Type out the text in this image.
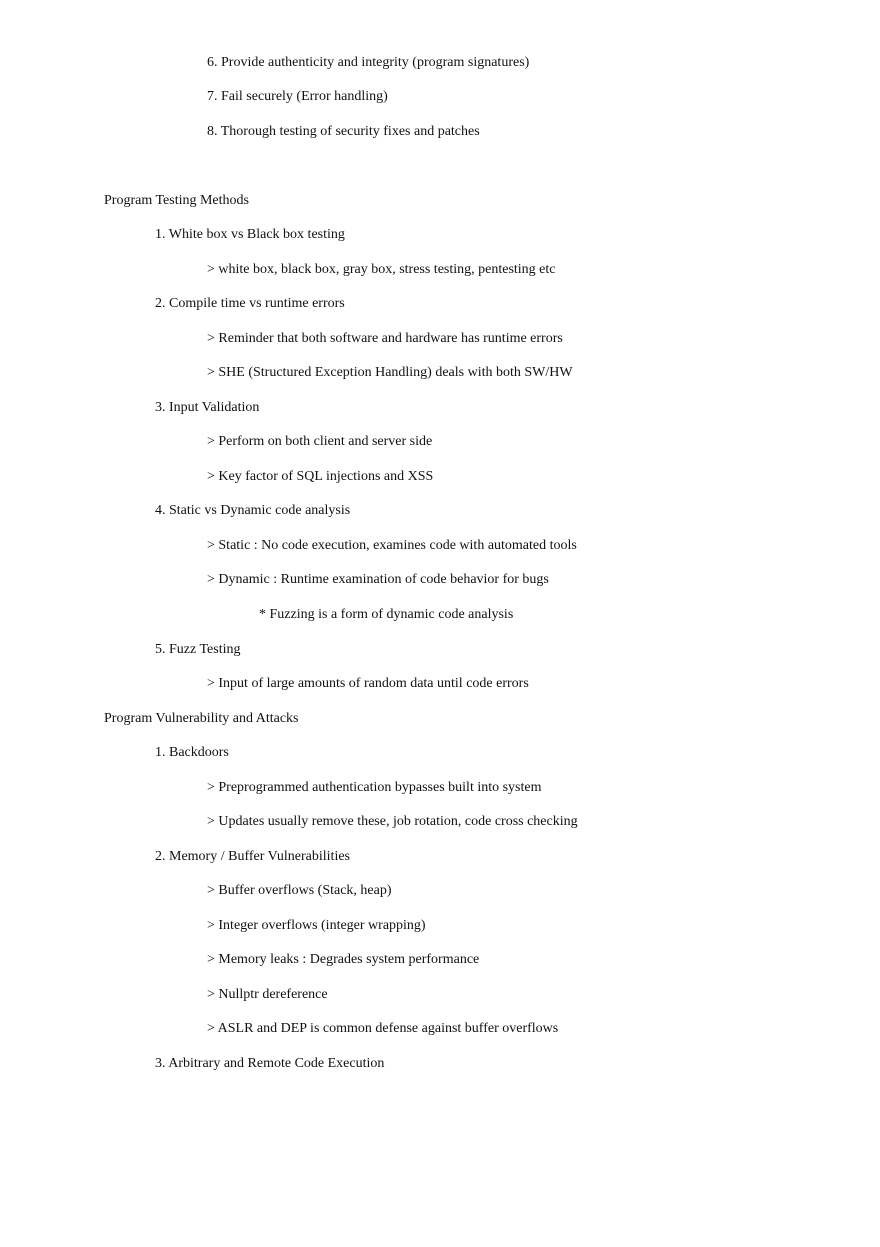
6. Provide authenticity and integrity (program signatures)
7. Fail securely (Error handling)
8. Thorough testing of security fixes and patches
Program Testing Methods
1. White box vs Black box testing
> white box, black box, gray box, stress testing, pentesting etc
2. Compile time vs runtime errors
> Reminder that both software and hardware has runtime errors
> SHE (Structured Exception Handling) deals with both SW/HW
3. Input Validation
> Perform on both client and server side
> Key factor of SQL injections and XSS
4. Static vs Dynamic code analysis
> Static : No code execution, examines code with automated tools
> Dynamic : Runtime examination of code behavior for bugs
* Fuzzing is a form of dynamic code analysis
5. Fuzz Testing
> Input of large amounts of random data until code errors
Program Vulnerability and Attacks
1. Backdoors
> Preprogrammed authentication bypasses built into system
> Updates usually remove these, job rotation, code cross checking
2. Memory / Buffer Vulnerabilities
> Buffer overflows (Stack, heap)
> Integer overflows (integer wrapping)
> Memory leaks : Degrades system performance
> Nullptr dereference
> ASLR and DEP is common defense against buffer overflows
3. Arbitrary and Remote Code Execution
